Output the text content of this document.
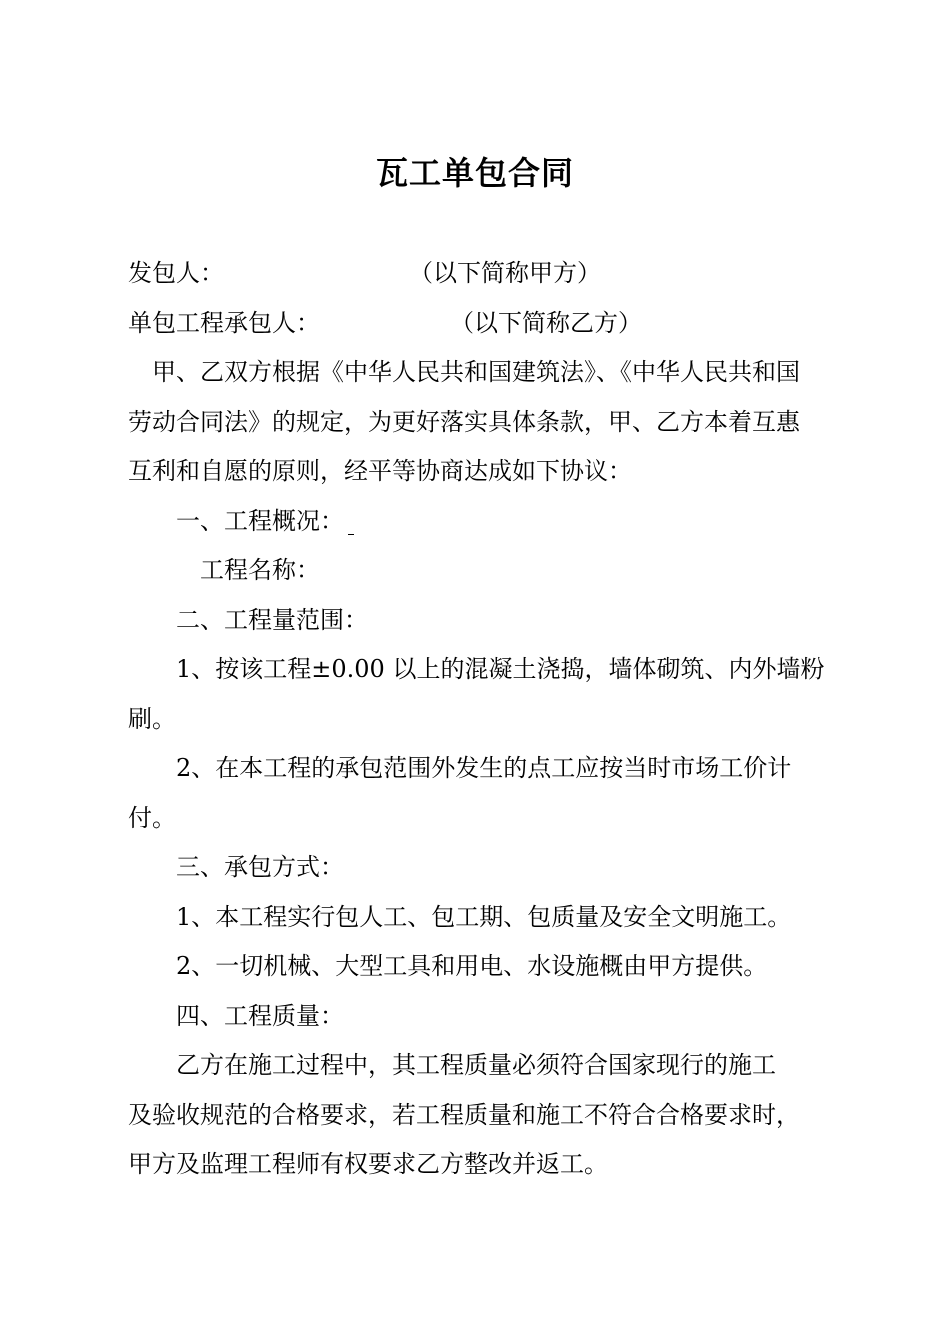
瓦工单包合同
发包人：	（以下简称甲方）
单包工程承包人：	（以下简称乙方）
甲、乙双方根据《中华人民共和国建筑法》、《中华人民共和国
劳动合同法》的规定，为更好落实具体条款，甲、乙方本着互惠
互利和自愿的原则，经平等协商达成如下协议：
一、工程概况：
工程名称：
二、工程量范围：
1、按该工程±0.00 以上的混凝土浇捣，墙体砌筑、内外墙粉
刷。
2、在本工程的承包范围外发生的点工应按当时市场工价计
付。
三、承包方式：
1、本工程实行包人工、包工期、包质量及安全文明施工。
2、一切机械、大型工具和用电、水设施概由甲方提供。
四、工程质量：
乙方在施工过程中，其工程质量必须符合国家现行的施工
及验收规范的合格要求，若工程质量和施工不符合合格要求时，
甲方及监理工程师有权要求乙方整改并返工。
